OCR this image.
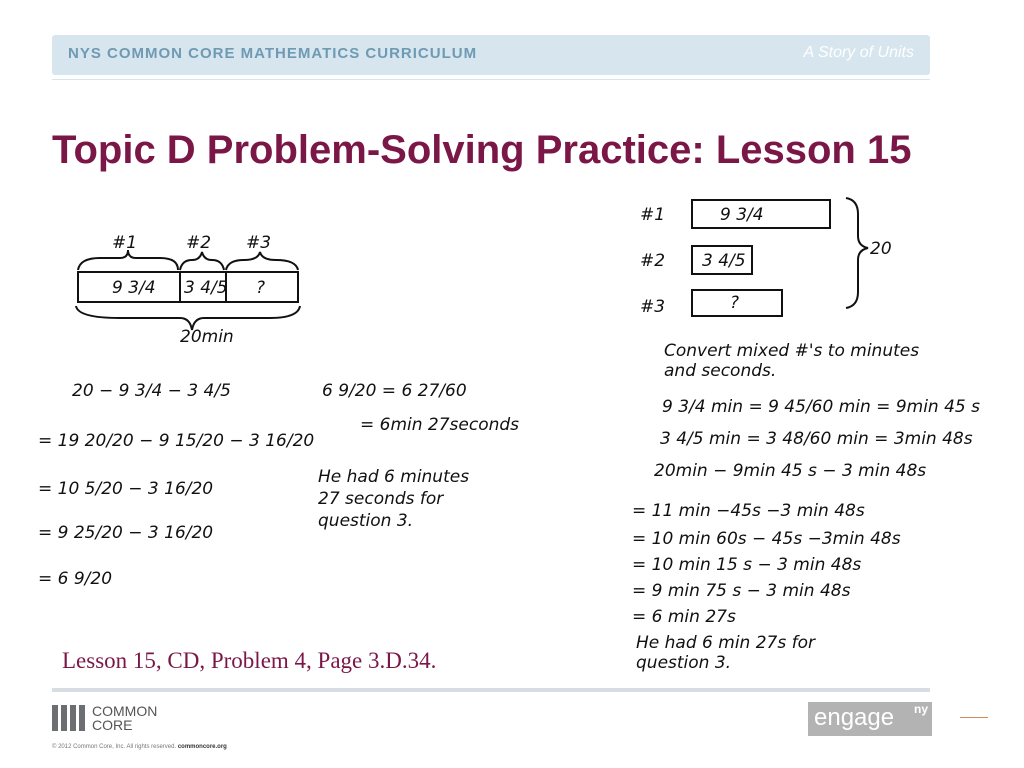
NYS COMMON CORE MATHEMATICS CURRICULUM	A Story of Units
Topic D Problem-Solving Practice: Lesson 15
#1	#2 #3
9 3/4 3 4/5 ?
20min
20 − 9 3/4 − 3 4/5
= 19 20/20 − 9 15/20 − 3 16/20
= 10 5/20 − 3 16/20
= 9 25/20 − 3 16/20
= 6 9/20
6 9/20 = 6 27/60
= 6min 27seconds
He had 6 minutes
27 seconds for
question 3.
#1
#2
#3
9 3/4
3 4/5
?
20
Convert mixed #'s to minutes
and seconds.
9 3/4 min = 9 45/60 min = 9min 45 s
3 4/5 min = 3 48/60 min = 3min 48s
20min − 9min 45 s − 3 min 48s
= 11 min −45s −3 min 48s
= 10 min 60s − 45s −3min 48s
= 10 min 15 s − 3 min 48s
= 9 min 75 s − 3 min 48s
= 6 min 27s
He had 6 min 27s for
question 3.
Lesson 15, CD, Problem 4, Page 3.D.34.
COMMON
CORE
© 2012 Common Core, Inc. All rights reserved. commoncore.org
engage ny
